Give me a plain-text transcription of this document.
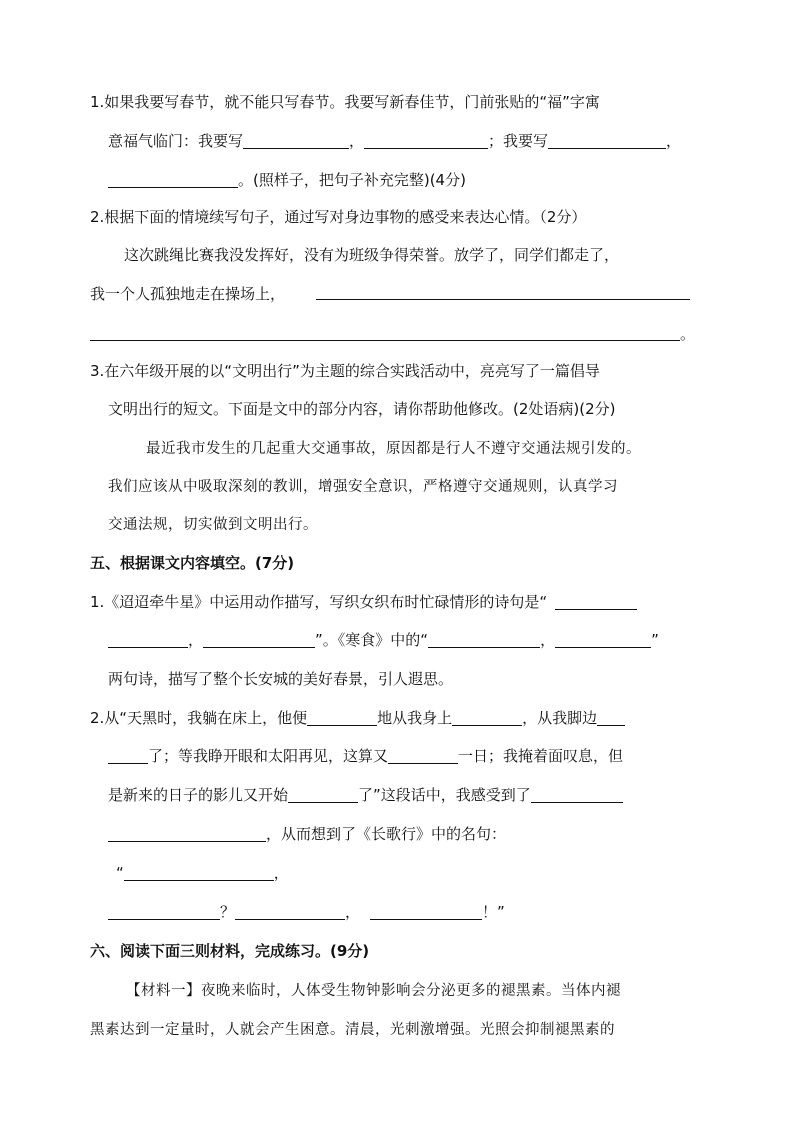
1.如果我要写春节，就不能只写春节。我要写新春佳节，门前张贴的“福”字寓
意福气临门：我要写	，	；我要写	，
。(照样子，把句子补充完整)(4分)
2.根据下面的情境续写句子，通过写对身边事物的感受来表达心情。（2分）
这次跳绳比赛我没发挥好，没有为班级争得荣誉。放学了，同学们都走了，
我一个人孤独地走在操场上，
。
3.在六年级开展的以“文明出行”为主题的综合实践活动中，亮亮写了一篇倡导
文明出行的短文。下面是文中的部分内容，请你帮助他修改。(2处语病)(2分)
最近我市发生的几起重大交通事故，原因都是行人不遵守交通法规引发的。
我们应该从中吸取深刻的教训，增强安全意识，严格遵守交通规则，认真学习
交通法规，切实做到文明出行。
五、根据课文内容填空。(7分)
1.《迢迢牵牛星》中运用动作描写，写织女织布时忙碌情形的诗句是“
，	”。《寒食》中的“	，	”
两句诗，描写了整个长安城的美好春景，引人遐思。
2.从“天黑时，我躺在床上，他便	地从我身上	，从我脚边
了；等我睁开眼和太阳再见，这算又	一日；我掩着面叹息，但
是新来的日子的影儿又开始	了”这段话中，我感受到了
，从而想到了《长歌行》中的名句：
“	，
？	，	！”
六、阅读下面三则材料，完成练习。(9分)
【材料一】夜晚来临时，人体受生物钟影响会分泌更多的褪黑素。当体内褪
黑素达到一定量时，人就会产生困意。清晨，光刺激增强。光照会抑制褪黑素的
